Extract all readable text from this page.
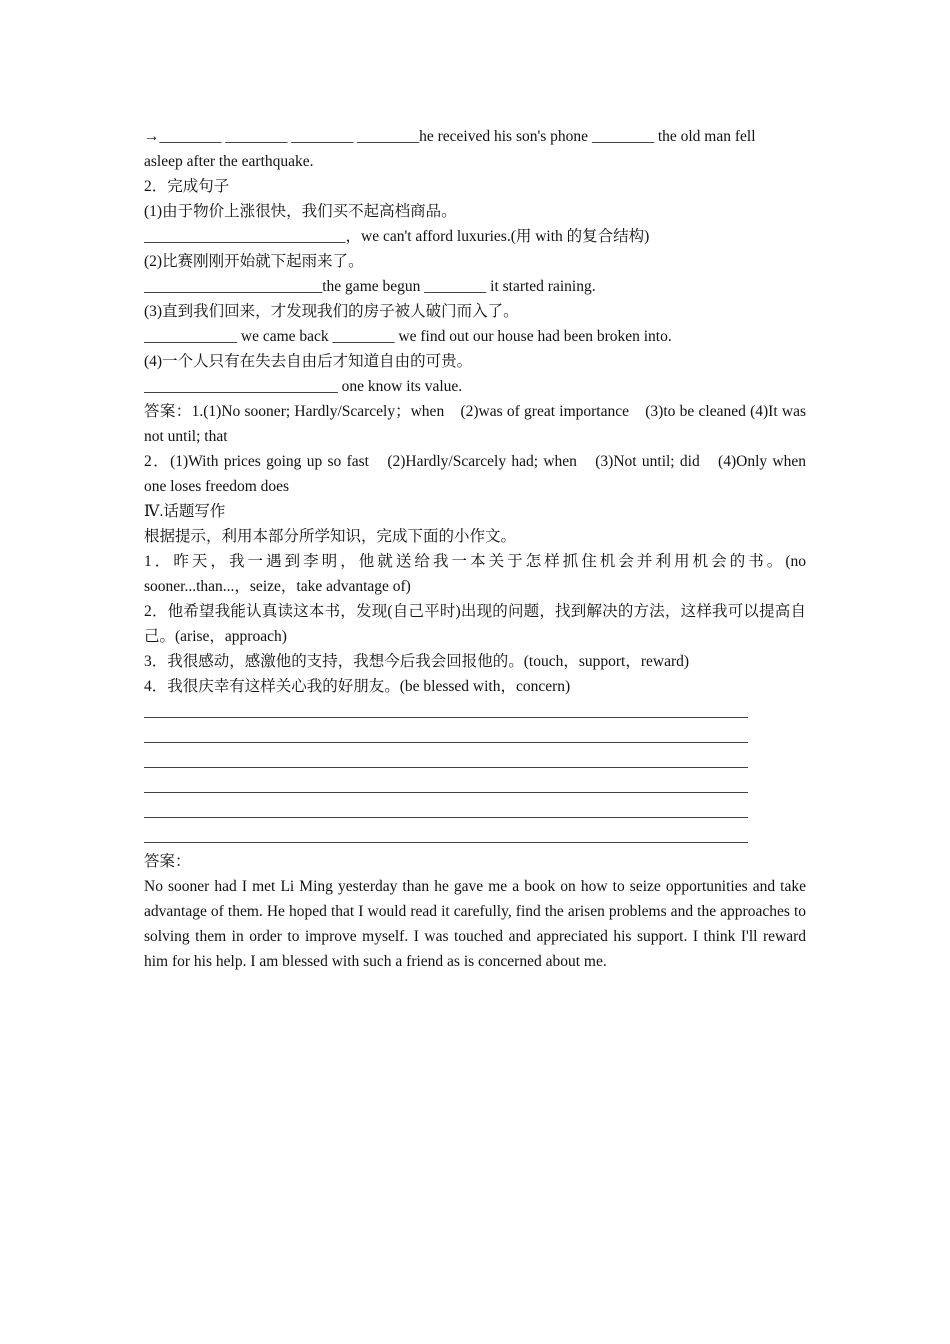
→________ ________ ________ ________he received his son's phone ________ the old man fell
asleep after the earthquake.
2．完成句子
(1)由于物价上涨很快，我们买不起高档商品。
__________________________，we can't afford luxuries.(用 with 的复合结构)
(2)比赛刚刚开始就下起雨来了。
_______________________the game begun ________ it started raining.
(3)直到我们回来，才发现我们的房子被人破门而入了。
____________ we came back ________ we find out our house had been broken into.
(4)一个人只有在失去自由后才知道自由的可贵。
_________________________ one know its value.
答案：1.(1)No sooner; Hardly/Scarcely；when　(2)was of great importance　(3)to be cleaned (4)It was not until; that
2．(1)With prices going up so fast　(2)Hardly/Scarcely had; when　(3)Not until; did　(4)Only when one loses freedom does
Ⅳ.话题写作
根据提示，利用本部分所学知识，完成下面的小作文。
1．昨天，我一遇到李明，他就送给我一本关于怎样抓住机会并利用机会的书。(no sooner...than...，seize，take advantage of)
2．他希望我能认真读这本书，发现(自己平时)出现的问题，找到解决的方法，这样我可以提高自己。(arise，approach)
3．我很感动，感激他的支持，我想今后我会回报他的。(touch，support，reward)
4．我很庆幸有这样关心我的好朋友。(be blessed with，concern)
______________________________________________________________________________
______________________________________________________________________________
______________________________________________________________________________
______________________________________________________________________________
______________________________________________________________________________
______________________________________________________________________________
答案：
No sooner had I met Li Ming yesterday than he gave me a book on how to seize opportunities and take advantage of them. He hoped that I would read it carefully, find the arisen problems and the approaches to solving them in order to improve myself. I was touched and appreciated his support. I think I'll reward him for his help. I am blessed with such a friend as is concerned about me.
